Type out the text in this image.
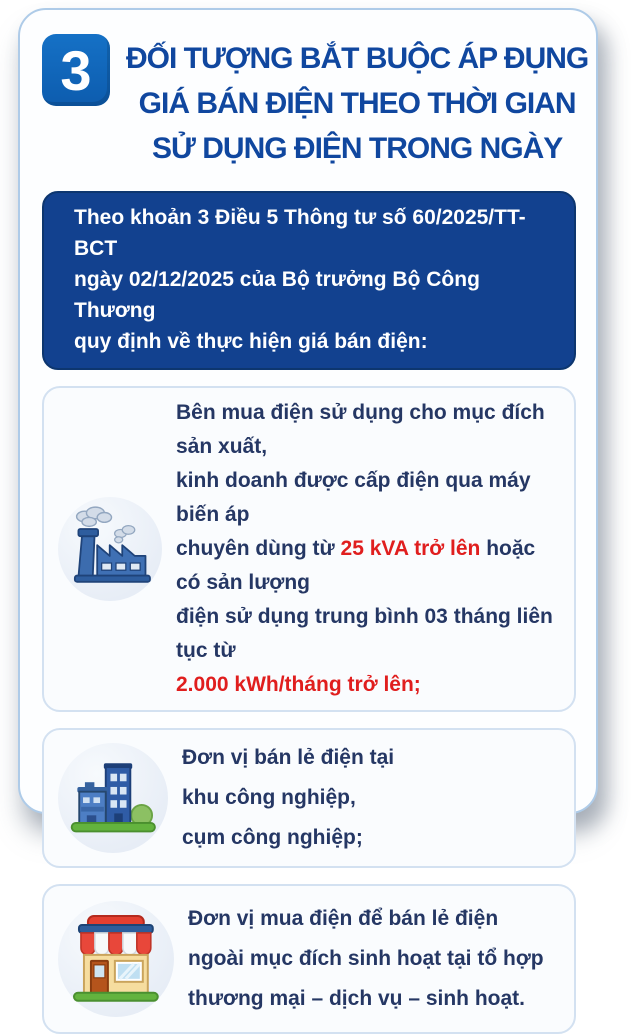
3 ĐỐI TƯỢNG BẮT BUỘC ÁP ĐỤNG
GIÁ BÁN ĐIỆN THEO THỜI GIAN
SỬ DỤNG ĐIỆN TRONG NGÀY
Theo khoản 3 Điều 5 Thông tư số 60/2025/TT-BCT
ngày 02/12/2025 của Bộ trưởng Bộ Công Thương
quy định về thực hiện giá bán điện:
Bên mua điện sử dụng cho mục đích sản xuất,
kinh doanh được cấp điện qua máy biến áp
chuyên dùng từ 25 kVA trở lên hoặc có sản lượng
điện sử dụng trung bình 03 tháng liên tục từ
2.000 kWh/tháng trở lên;
Đơn vị bán lẻ điện tại
khu công nghiệp,
cụm công nghiệp;
Đơn vị mua điện để bán lẻ điện
ngoài mục đích sinh hoạt tại tổ hợp
thương mại – dịch vụ – sinh hoạt.
